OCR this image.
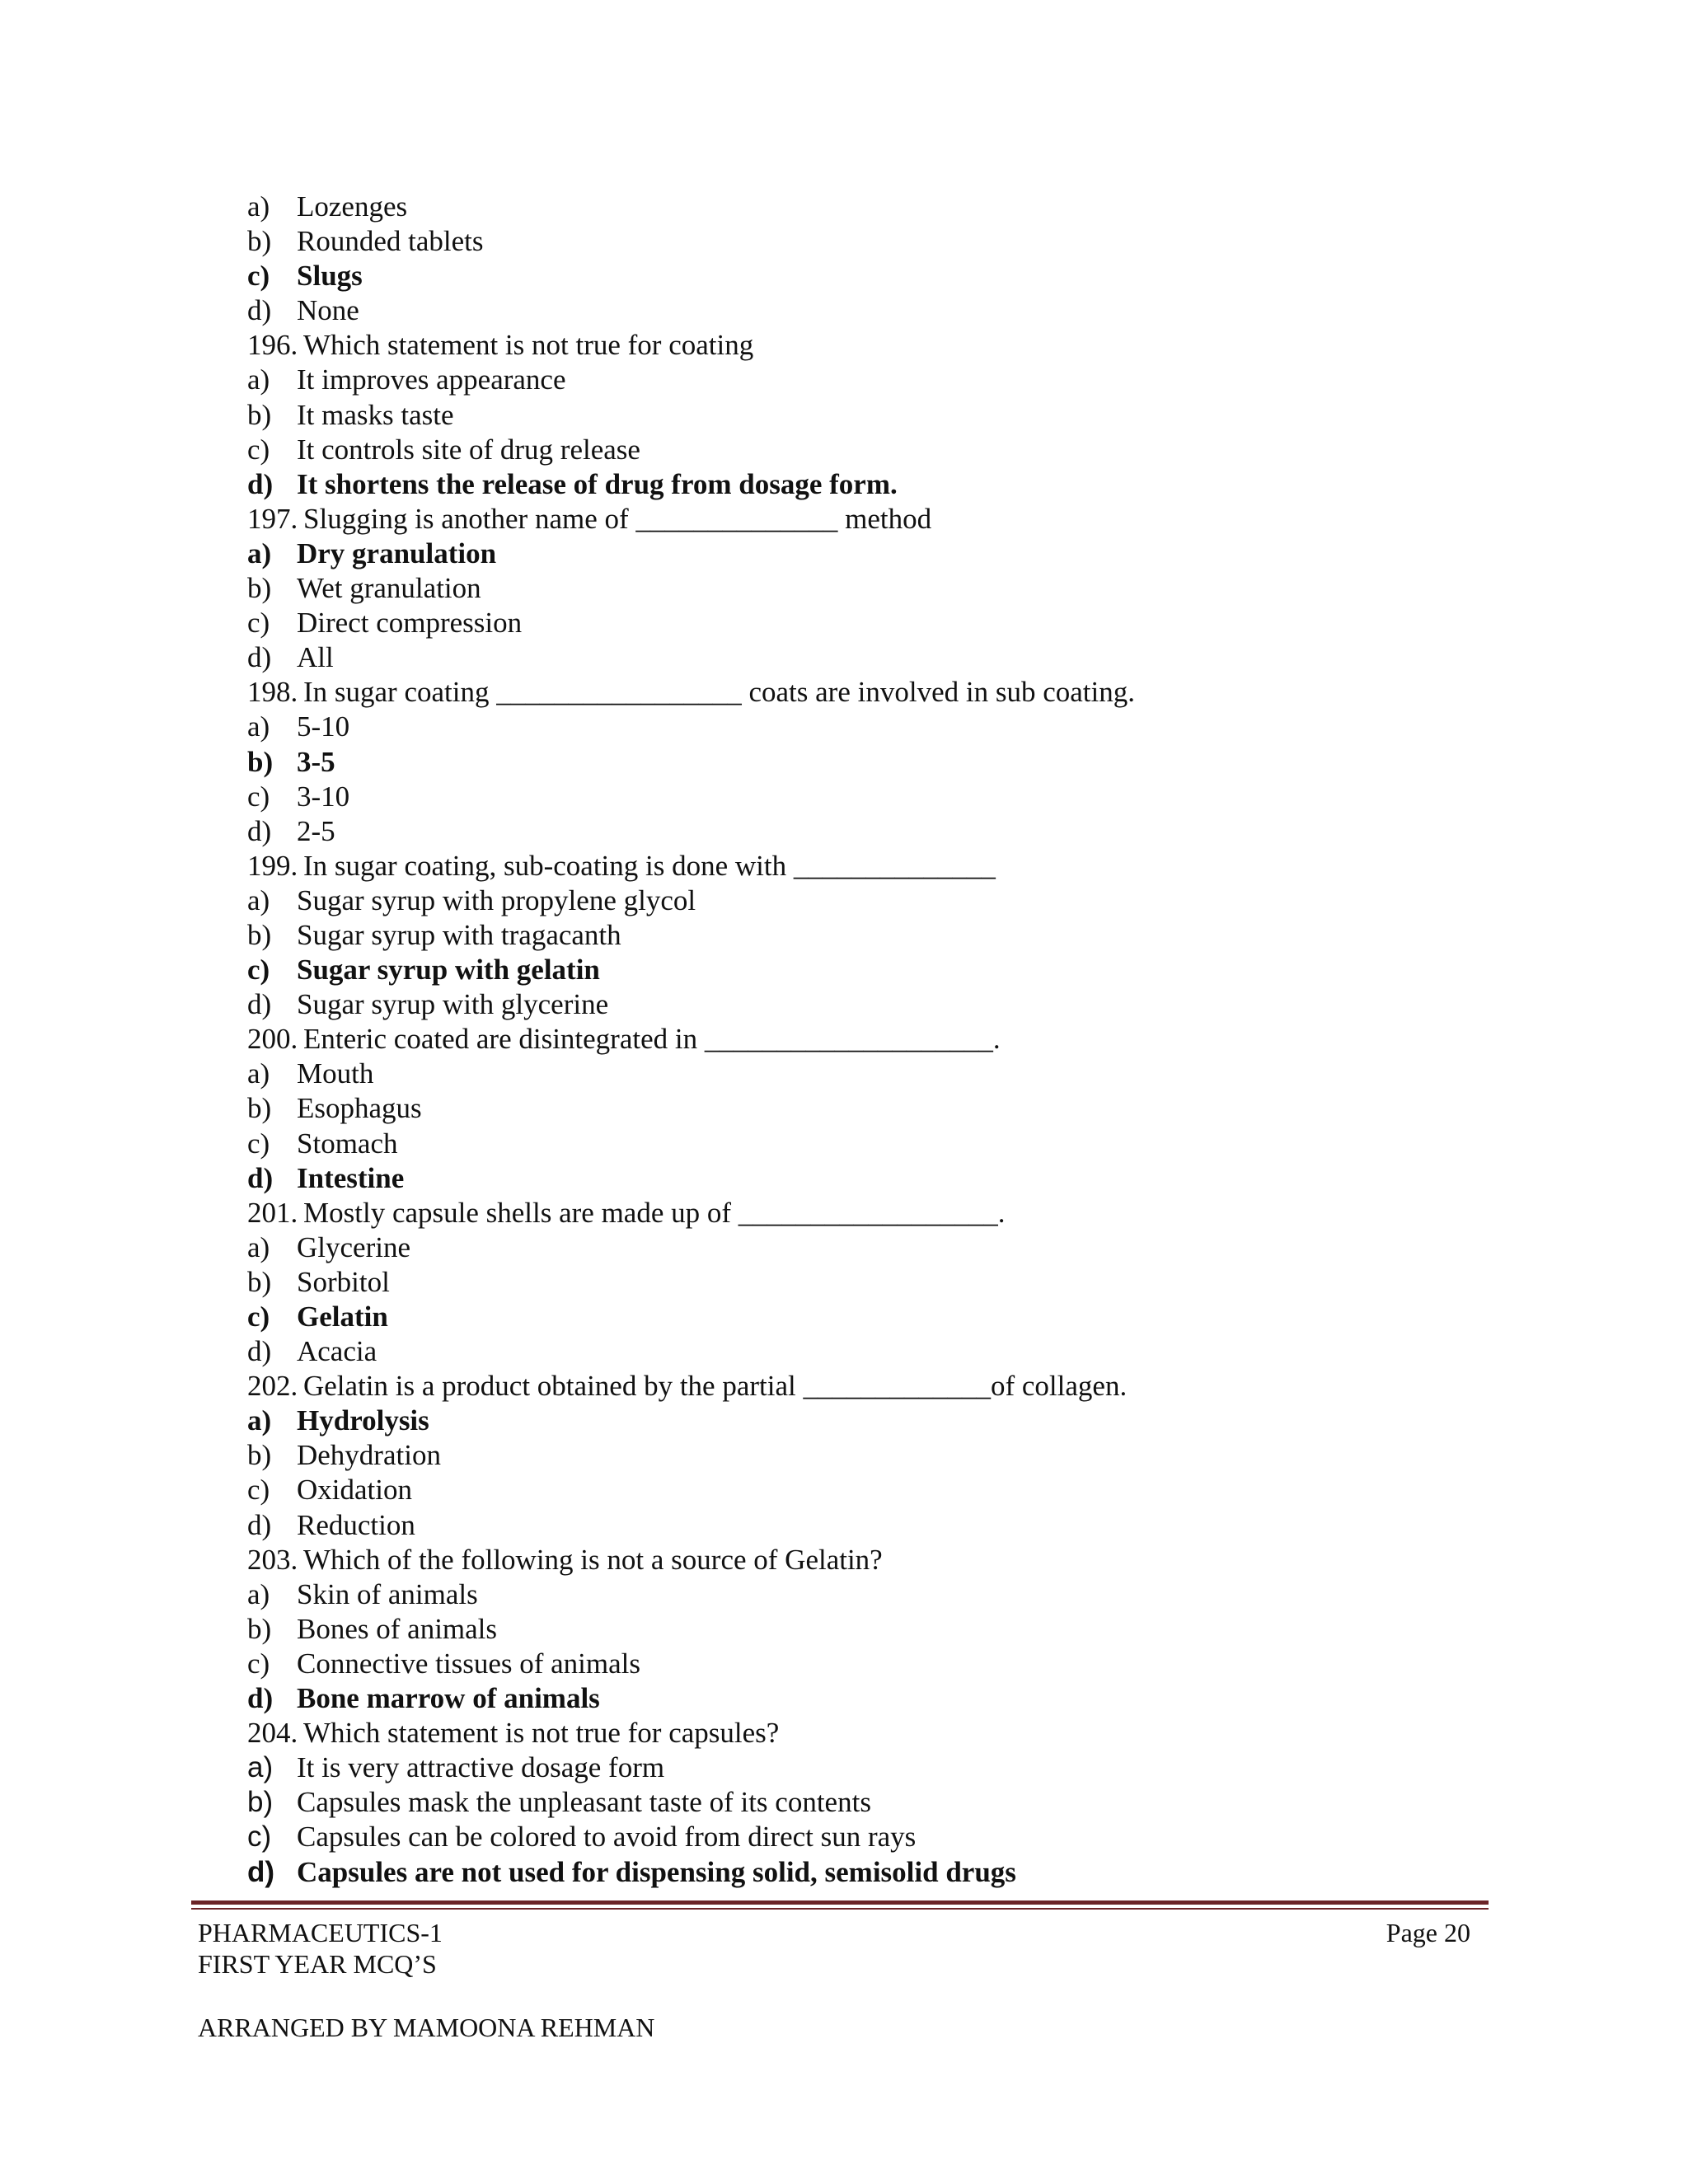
a) Lozenges
b) Rounded tablets
c) Slugs
d) None
196. Which statement is not true for coating
a) It improves appearance
b) It masks taste
c) It controls site of drug release
d) It shortens the release of drug from dosage form.
197. Slugging is another name of ______________ method
a) Dry granulation
b) Wet granulation
c) Direct compression
d) All
198. In sugar coating _________________ coats are involved in sub coating.
a) 5-10
b) 3-5
c) 3-10
d) 2-5
199. In sugar coating, sub-coating is done with ______________
a) Sugar syrup with propylene glycol
b) Sugar syrup with tragacanth
c) Sugar syrup with gelatin
d) Sugar syrup with glycerine
200. Enteric coated are disintegrated in ____________________.
a) Mouth
b) Esophagus
c) Stomach
d) Intestine
201. Mostly capsule shells are made up of __________________.
a) Glycerine
b) Sorbitol
c) Gelatin
d) Acacia
202. Gelatin is a product obtained by the partial _____________of collagen.
a) Hydrolysis
b) Dehydration
c) Oxidation
d) Reduction
203. Which of the following is not a source of Gelatin?
a) Skin of animals
b) Bones of animals
c) Connective tissues of animals
d) Bone marrow of animals
204. Which statement is not true for capsules?
a) It is very attractive dosage form
b) Capsules mask the unpleasant taste of its contents
c) Capsules can be colored to avoid from direct sun rays
d) Capsules are not used for dispensing solid, semisolid drugs
PHARMACEUTICS-1	Page 20
FIRST YEAR MCQ’S
ARRANGED BY MAMOONA REHMAN
